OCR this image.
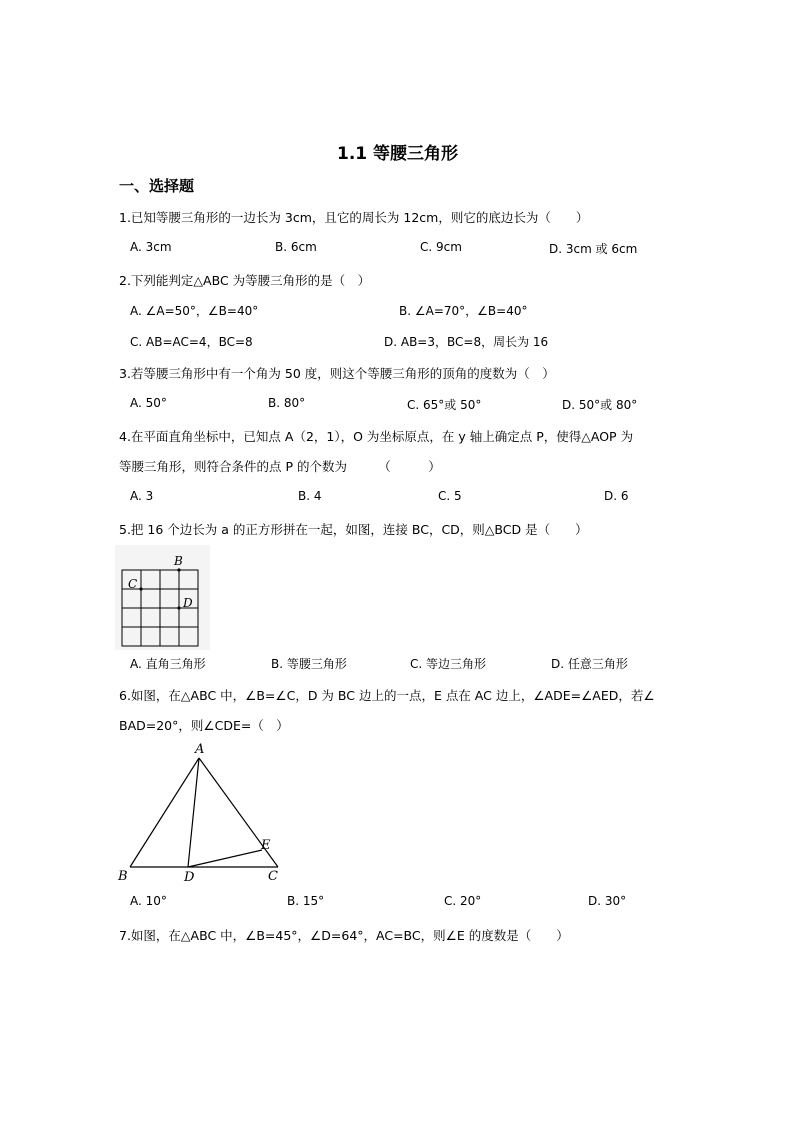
1.1 等腰三角形
一、选择题
1.已知等腰三角形的一边长为 3cm，且它的周长为 12cm，则它的底边长为（　　）
A. 3cm	B. 6cm	C. 9cm	D. 3cm 或 6cm
2.下列能判定△ABC 为等腰三角形的是（　）
A. ∠A=50°，∠B=40°	B. ∠A=70°，∠B=40°
C. AB=AC=4，BC=8	D. AB=3，BC=8，周长为 16
3.若等腰三角形中有一个角为 50 度，则这个等腰三角形的顶角的度数为（　）
A. 50°	B. 80°	C. 65°或 50°	D. 50°或 80°
4.在平面直角坐标中，已知点 A（2，1），O 为坐标原点，在 y 轴上确定点 P，使得△AOP 为
等腰三角形，则符合条件的点 P 的个数为　　　（　　　）
A. 3	B. 4	C. 5	D. 6
5.把 16 个边长为 a 的正方形拼在一起，如图，连接 BC，CD，则△BCD 是（　　）
B
C
D
A. 直角三角形	B. 等腰三角形	C. 等边三角形	D. 任意三角形
6.如图，在△ABC 中，∠B=∠C，D 为 BC 边上的一点，E 点在 AC 边上，∠ADE=∠AED，若∠
BAD=20°，则∠CDE=（　）
A
B	D	C
E
A. 10°	B. 15°	C. 20°	D. 30°
7.如图，在△ABC 中，∠B=45°，∠D=64°，AC=BC，则∠E 的度数是（　　）
